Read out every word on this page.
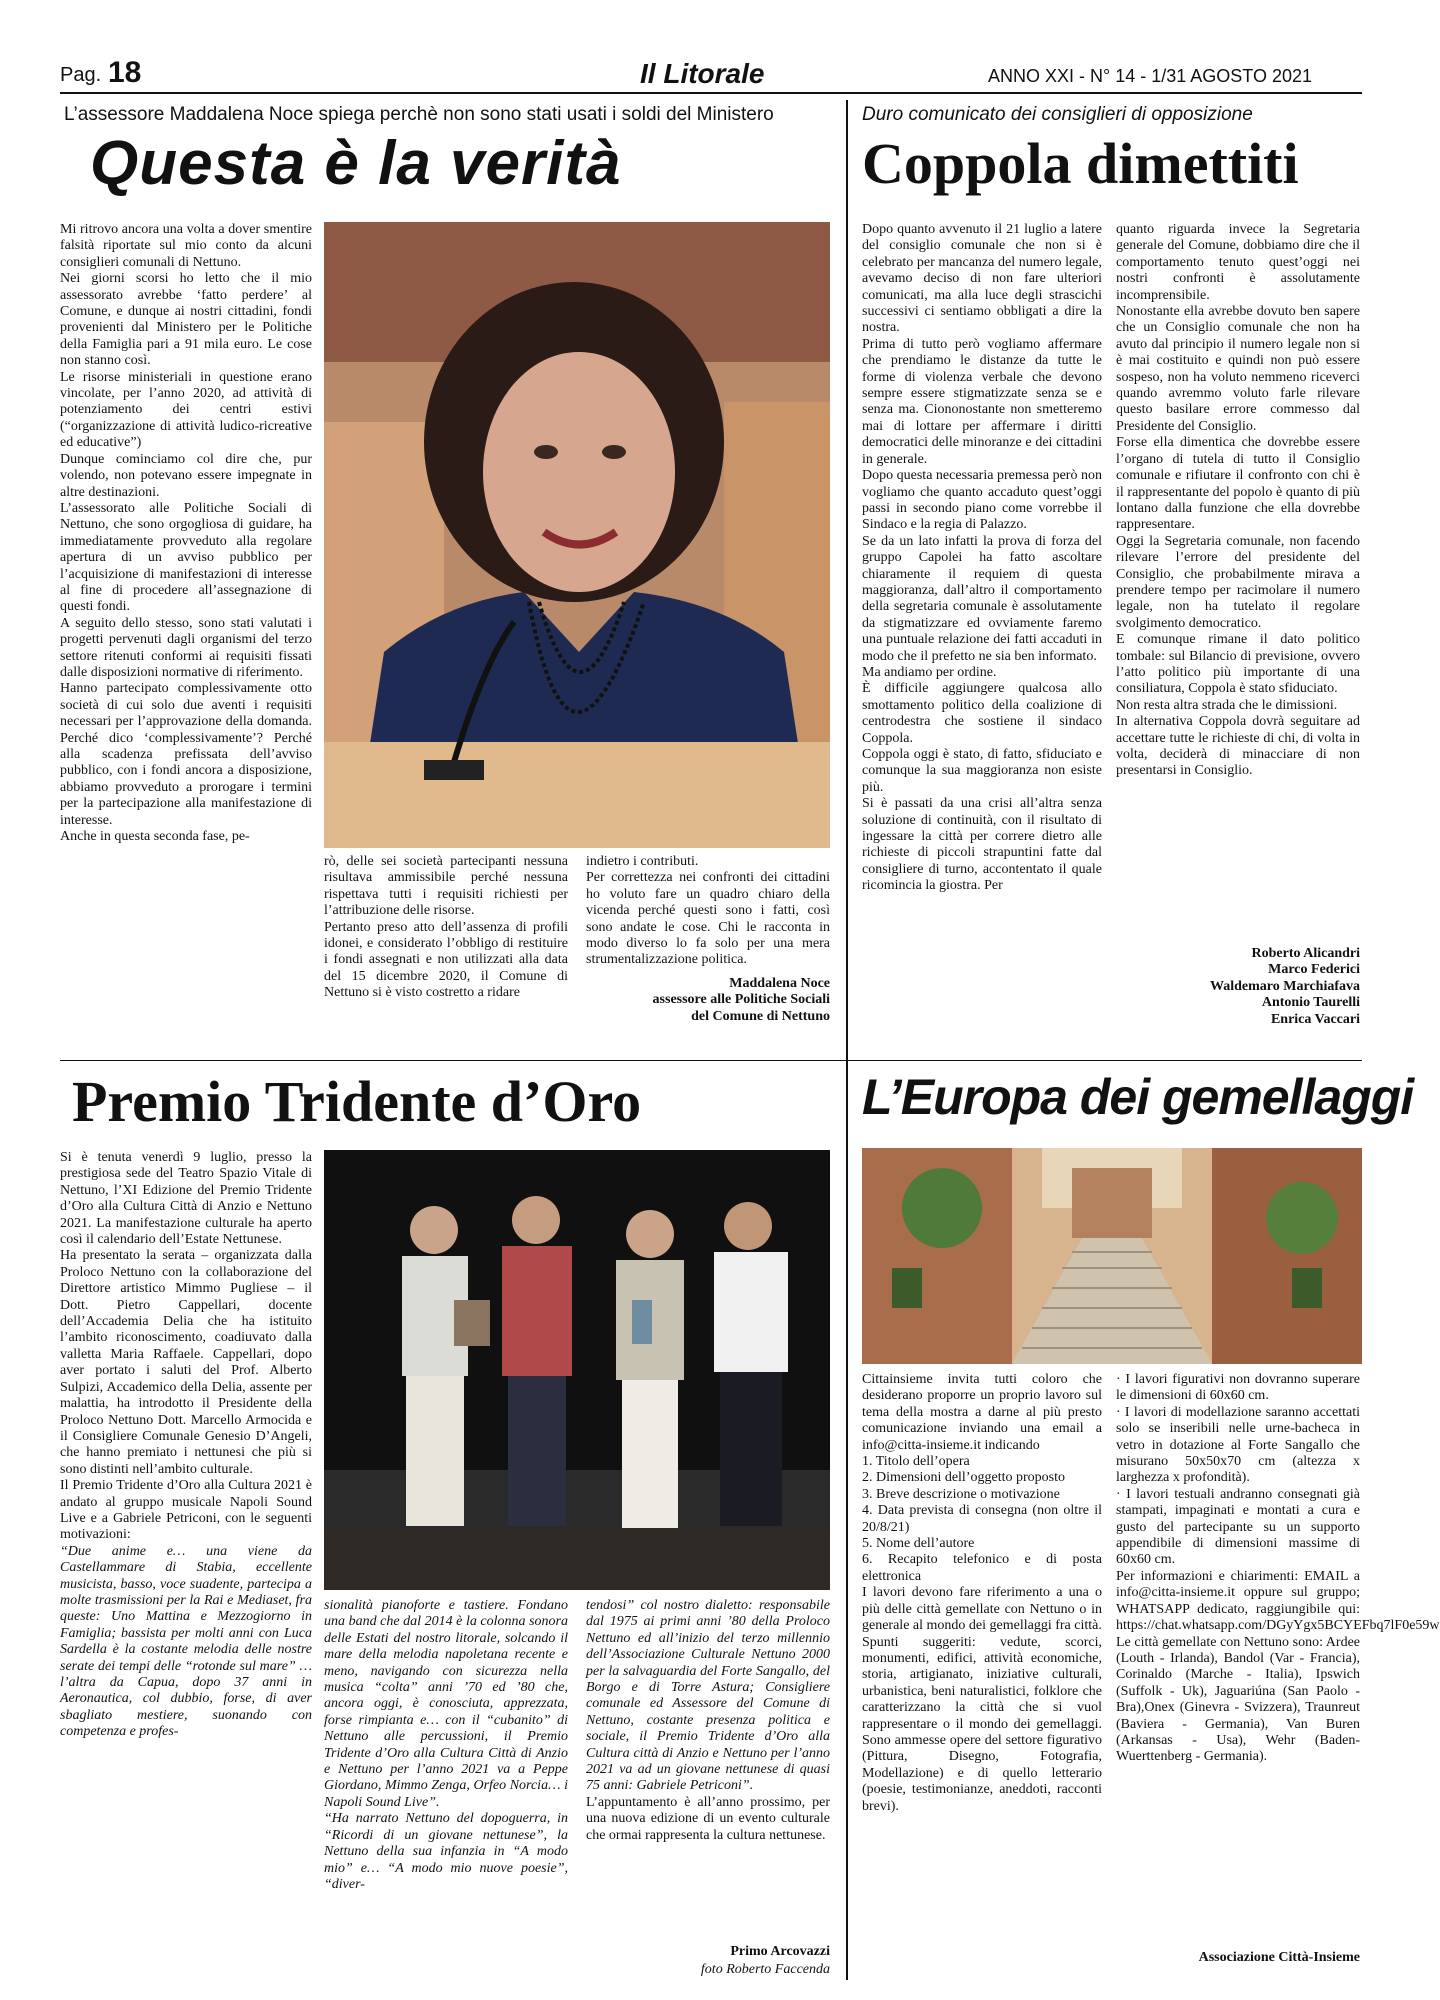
Pag. 18	Il Litorale	ANNO XXI - N° 14 - 1/31 AGOSTO 2021
L’assessore Maddalena Noce spiega perchè non sono stati usati i soldi del Ministero
Questa è la verità
Mi ritrovo ancora una volta a dover smentire falsità riportate sul mio conto da alcuni consiglieri comunali di Nettuno.
Nei giorni scorsi ho letto che il mio assessorato avrebbe ‘fatto perdere’ al Comune, e dunque ai nostri cittadini, fondi provenienti dal Ministero per le Politiche della Famiglia pari a 91 mila euro. Le cose non stanno così.
Le risorse ministeriali in questione erano vincolate, per l’anno 2020, ad attività di potenziamento dei centri estivi (“organizzazione di attività ludico-ricreative ed educative”)
Dunque cominciamo col dire che, pur volendo, non potevano essere impegnate in altre destinazioni.
L’assessorato alle Politiche Sociali di Nettuno, che sono orgogliosa di guidare, ha immediatamente provveduto alla regolare apertura di un avviso pubblico per l’acquisizione di manifestazioni di interesse al fine di procedere all’assegnazione di questi fondi.
A seguito dello stesso, sono stati valutati i progetti pervenuti dagli organismi del terzo settore ritenuti conformi ai requisiti fissati dalle disposizioni normative di riferimento.
Hanno partecipato complessivamente otto società di cui solo due aventi i requisiti necessari per l’approvazione della domanda. Perché dico ‘complessivamente’? Perché alla scadenza prefissata dell’avviso pubblico, con i fondi ancora a disposizione, abbiamo provveduto a prorogare i termini per la partecipazione alla manifestazione di interesse.
Anche in questa seconda fase, pe-
rò, delle sei società partecipanti nessuna risultava ammissibile perché nessuna rispettava tutti i requisiti richiesti per l’attribuzione delle risorse.
Pertanto preso atto dell’assenza di profili idonei, e considerato l’obbligo di restituire i fondi assegnati e non utilizzati alla data del 15 dicembre 2020, il Comune di Nettuno si è visto costretto a ridare
indietro i contributi.
Per correttezza nei confronti dei cittadini ho voluto fare un quadro chiaro della vicenda perché questi sono i fatti, così sono andate le cose. Chi le racconta in modo diverso lo fa solo per una mera strumentalizzazione politica.
Maddalena Noce
assessore alle Politiche Sociali
del Comune di Nettuno
Duro comunicato dei consiglieri di opposizione
Coppola dimettiti
Dopo quanto avvenuto il 21 luglio a latere del consiglio comunale che non si è celebrato per mancanza del numero legale, avevamo deciso di non fare ulteriori comunicati, ma alla luce degli strascichi successivi ci sentiamo obbligati a dire la nostra.
Prima di tutto però vogliamo affermare che prendiamo le distanze da tutte le forme di violenza verbale che devono sempre essere stigmatizzate senza se e senza ma. Ciononostante non smetteremo mai di lottare per affermare i diritti democratici delle minoranze e dei cittadini in generale.
Dopo questa necessaria premessa però non vogliamo che quanto accaduto quest’oggi passi in secondo piano come vorrebbe il Sindaco e la regia di Palazzo.
Se da un lato infatti la prova di forza del gruppo Capolei ha fatto ascoltare chiaramente il requiem di questa maggioranza, dall’altro il comportamento della segretaria comunale è assolutamente da stigmatizzare ed ovviamente faremo una puntuale relazione dei fatti accaduti in modo che il prefetto ne sia ben informato.
Ma andiamo per ordine.
È difficile aggiungere qualcosa allo smottamento politico della coalizione di centrodestra che sostiene il sindaco Coppola.
Coppola oggi è stato, di fatto, sfiduciato e comunque la sua maggioranza non esiste più.
Si è passati da una crisi all’altra senza soluzione di continuità, con il risultato di ingessare la città per correre dietro alle richieste di piccoli strapuntini fatte dal consigliere di turno, accontentato il quale ricomincia la giostra. Per
quanto riguarda invece la Segretaria generale del Comune, dobbiamo dire che il comportamento tenuto quest’oggi nei nostri confronti è assolutamente incomprensibile.
Nonostante ella avrebbe dovuto ben sapere che un Consiglio comunale che non ha avuto dal principio il numero legale non si è mai costituito e quindi non può essere sospeso, non ha voluto nemmeno riceverci quando avremmo voluto farle rilevare questo basilare errore commesso dal Presidente del Consiglio.
Forse ella dimentica che dovrebbe essere l’organo di tutela di tutto il Consiglio comunale e rifiutare il confronto con chi è il rappresentante del popolo è quanto di più lontano dalla funzione che ella dovrebbe rappresentare.
Oggi la Segretaria comunale, non facendo rilevare l’errore del presidente del Consiglio, che probabilmente mirava a prendere tempo per racimolare il numero legale, non ha tutelato il regolare svolgimento democratico.
E comunque rimane il dato politico tombale: sul Bilancio di previsione, ovvero l’atto politico più importante di una consiliatura, Coppola è stato sfiduciato.
Non resta altra strada che le dimissioni.
In alternativa Coppola dovrà seguitare ad accettare tutte le richieste di chi, di volta in volta, deciderà di minacciare di non presentarsi in Consiglio.
Roberto Alicandri
Marco Federici
Waldemaro Marchiafava
Antonio Taurelli
Enrica Vaccari
Premio Tridente d’Oro

Si è tenuta venerdì 9 luglio, presso la prestigiosa sede del Teatro Spazio Vitale di Nettuno, l’XI Edizione del Premio Tridente d’Oro alla Cultura Città di Anzio e Nettuno 2021. La manifestazione culturale ha aperto così il calendario dell’Estate Nettunese.
Ha presentato la serata – organizzata dalla Proloco Nettuno con la collaborazione del Direttore artistico Mimmo Pugliese – il Dott. Pietro Cappellari, docente dell’Accademia Delia che ha istituito l’ambito riconoscimento, coadiuvato dalla valletta Maria Raffaele. Cappellari, dopo aver portato i saluti del Prof. Alberto Sulpizi, Accademico della Delia, assente per malattia, ha introdotto il Presidente della Proloco Nettuno Dott. Marcello Armocida e il Consigliere Comunale Genesio D’Angeli, che hanno premiato i nettunesi che più si sono distinti nell’ambito culturale.
Il Premio Tridente d’Oro alla Cultura 2021 è andato al gruppo musicale Napoli Sound Live e a Gabriele Petriconi, con le seguenti motivazioni:

“Due anime e… una viene da Castellammare di Stabia, eccellente musicista, basso, voce suadente, partecipa a molte trasmissioni per la Rai e Mediaset, fra queste: Uno Mattina e Mezzogiorno in Famiglia; bassista per molti anni con Luca Sardella è la costante melodia delle nostre serate dei tempi delle “rotonde sul mare” … l’altra da Capua, dopo 37 anni in Aeronautica, col dubbio, forse, di aver sbagliato mestiere, suonando con competenza e profes-

sionalità pianoforte e tastiere. Fondano una band che dal 2014 è la colonna sonora delle Estati del nostro litorale, solcando il mare della melodia napoletana recente e meno, navigando con sicurezza nella musica “colta” anni ’70 ed ’80 che, ancora oggi, è conosciuta, apprezzata, forse rimpianta e… con il “cubanito” di Nettuno alle percussioni, il Premio Tridente d’Oro alla Cultura Città di Anzio e Nettuno per l’anno 2021 va a Peppe Giordano, Mimmo Zenga, Orfeo Norcia… i Napoli Sound Live”.
“Ha narrato Nettuno del dopoguerra, in “Ricordi di un giovane nettunese”, la Nettuno della sua infanzia in “A modo mio” e… “A modo mio nuove poesie”, “diver-

tendosi” col nostro dialetto: responsabile dal 1975 ai primi anni ’80 della Proloco Nettuno ed all’inizio del terzo millennio dell’Associazione Culturale Nettuno 2000 per la salvaguardia del Forte Sangallo, del Borgo e di Torre Astura; Consigliere comunale ed Assessore del Comune di Nettuno, costante presenza politica e sociale, il Premio Tridente d’Oro alla Cultura città di Anzio e Nettuno per l’anno 2021 va ad un giovane nettunese di quasi 75 anni: Gabriele Petriconi”.

L’appuntamento è all’anno prossimo, per una nuova edizione di un evento culturale che ormai rappresenta la cultura nettunese.

Primo Arcovazzi
foto Roberto Faccenda
L’Europa dei gemellaggi
Cittainsieme invita tutti coloro che desiderano proporre un proprio lavoro sul tema della mostra a darne al più presto comunicazione inviando una email a info@citta-insieme.it indicando
1. Titolo dell’opera
2. Dimensioni dell’oggetto proposto
3. Breve descrizione o motivazione
4. Data prevista di consegna (non oltre il 20/8/21)
5. Nome dell’autore
6. Recapito telefonico e di posta elettronica
I lavori devono fare riferimento a una o più delle città gemellate con Nettuno o in generale al mondo dei gemellaggi fra città.
Spunti suggeriti: vedute, scorci, monumenti, edifici, attività economiche, storia, artigianato, iniziative culturali, urbanistica, beni naturalistici, folklore che caratterizzano la città che si vuol rappresentare o il mondo dei gemellaggi. Sono ammesse opere del settore figurativo (Pittura, Disegno, Fotografia, Modellazione) e di quello letterario (poesie, testimonianze, aneddoti, racconti brevi).
· I lavori figurativi non dovranno superare le dimensioni di 60x60 cm.
· I lavori di modellazione saranno accettati solo se inseribili nelle urne-bacheca in vetro in dotazione al Forte Sangallo che misurano 50x50x70 cm (altezza x larghezza x profondità).
· I lavori testuali andranno consegnati già stampati, impaginati e montati a cura e gusto del partecipante su un supporto appendibile di dimensioni massime di 60x60 cm.
Per informazioni e chiarimenti: EMAIL a info@citta-insieme.it oppure sul gruppo; WHATSAPP dedicato, raggiungibile qui: https://chat.whatsapp.com/DGyYgx5BCYEFbq7lF0e59w
Le città gemellate con Nettuno sono: Ardee (Louth - Irlanda), Bandol (Var - Francia), Corinaldo (Marche - Italia), Ipswich (Suffolk - Uk), Jaguariúna (San Paolo - Bra),Onex (Ginevra - Svizzera), Traunreut (Baviera - Germania), Van Buren (Arkansas - Usa), Wehr (Baden-Wuerttenberg - Germania).
Associazione Città-Insieme
